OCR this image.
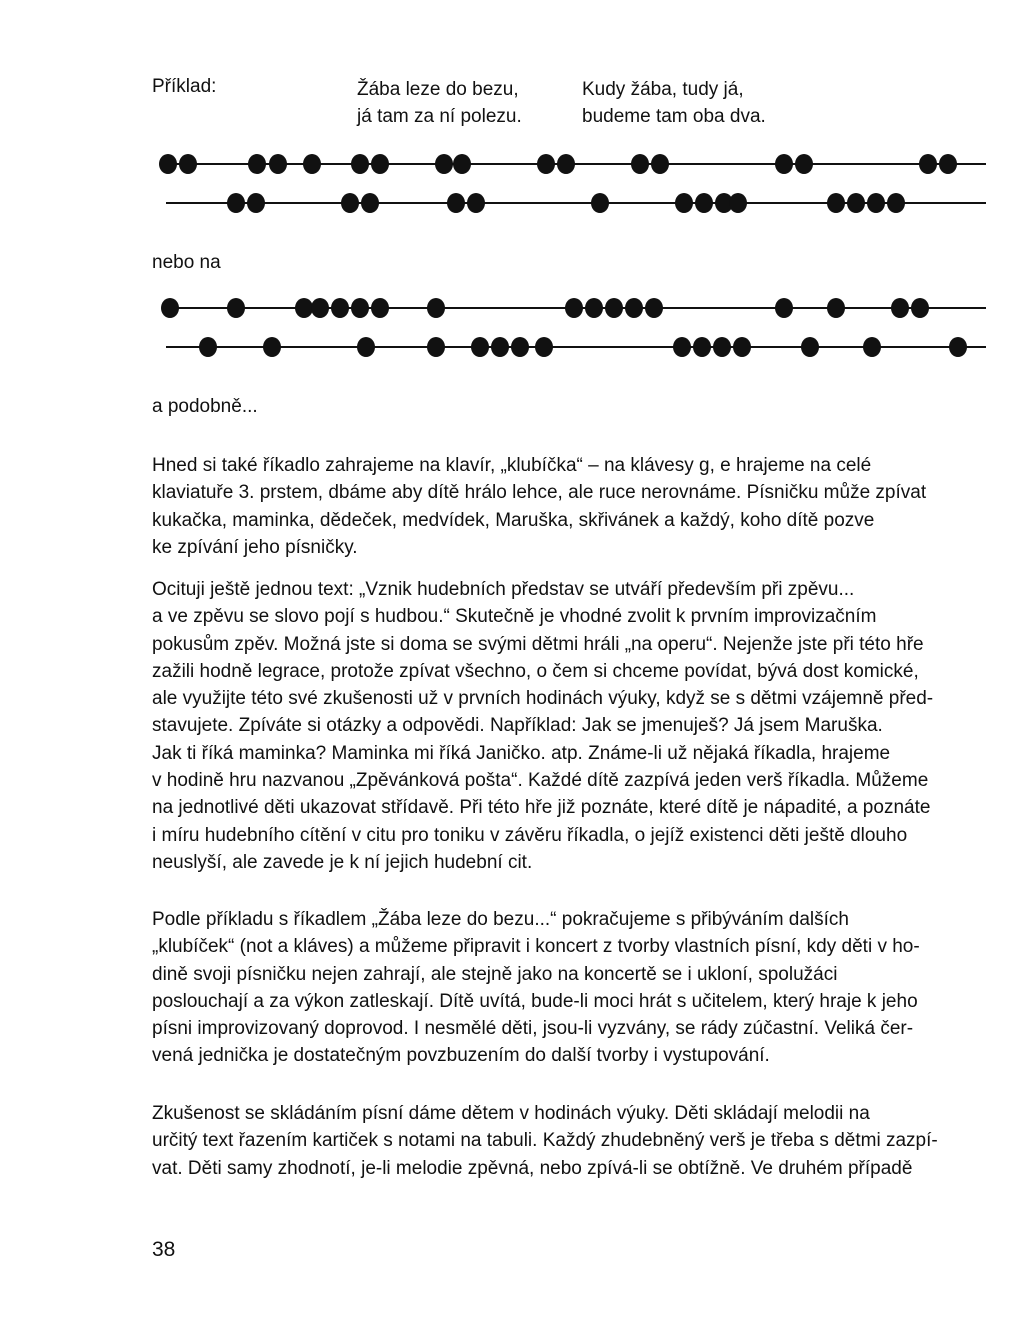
Příklad:	Žába leze do bezu,
já tam za ní polezu.
Kudy žába, tudy já,
budeme tam oba dva.
nebo na
a podobně...
Hned si také říkadlo zahrajeme na klavír, „klubíčka“ – na klávesy g, e hrajeme na celé
klaviatuře 3. prstem, dbáme aby dítě hrálo lehce, ale ruce nerovnáme. Písničku může zpívat
kukačka, maminka, dědeček, medvídek, Maruška, skřivánek a každý, koho dítě pozve
ke zpívání jeho písničky.
Ocituji ještě jednou text: „Vznik hudebních představ se utváří především při zpěvu...
a ve zpěvu se slovo pojí s hudbou.“ Skutečně je vhodné zvolit k prvním improvizačním
pokusům zpěv. Možná jste si doma se svými dětmi hráli „na operu“. Nejenže jste při této hře
zažili hodně legrace, protože zpívat všechno, o čem si chceme povídat, bývá dost komické,
ale využijte této své zkušenosti už v prvních hodinách výuky, když se s dětmi vzájemně před-
stavujete. Zpíváte si otázky a odpovědi. Například: Jak se jmenuješ? Já jsem Maruška.
Jak ti říká maminka? Maminka mi říká Janičko. atp. Známe-li už nějaká říkadla, hrajeme
v hodině hru nazvanou „Zpěvánková pošta“. Každé dítě zazpívá jeden verš říkadla. Můžeme
na jednotlivé děti ukazovat střídavě. Při této hře již poznáte, které dítě je nápadité, a poznáte
i míru hudebního cítění v citu pro toniku v závěru říkadla, o jejíž existenci děti ještě dlouho
neuslyší, ale zavede je k ní jejich hudební cit.
Podle příkladu s říkadlem „Žába leze do bezu...“ pokračujeme s přibýváním dalších
„klubíček“ (not a kláves) a můžeme připravit i koncert z tvorby vlastních písní, kdy děti v ho-
dině svoji písničku nejen zahrají, ale stejně jako na koncertě se i ukloní, spolužáci
poslouchají a za výkon zatleskají. Dítě uvítá, bude-li moci hrát s učitelem, který hraje k jeho
písni improvizovaný doprovod. I nesmělé děti, jsou-li vyzvány, se rády zúčastní. Veliká čer-
vená jednička je dostatečným povzbuzením do další tvorby i vystupování.
Zkušenost se skládáním písní dáme dětem v hodinách výuky. Děti skládají melodii na
určitý text řazením kartiček s notami na tabuli. Každý zhudebněný verš je třeba s dětmi zazpí-
vat. Děti samy zhodnotí, je-li melodie zpěvná, nebo zpívá-li se obtížně. Ve druhém případě
38
